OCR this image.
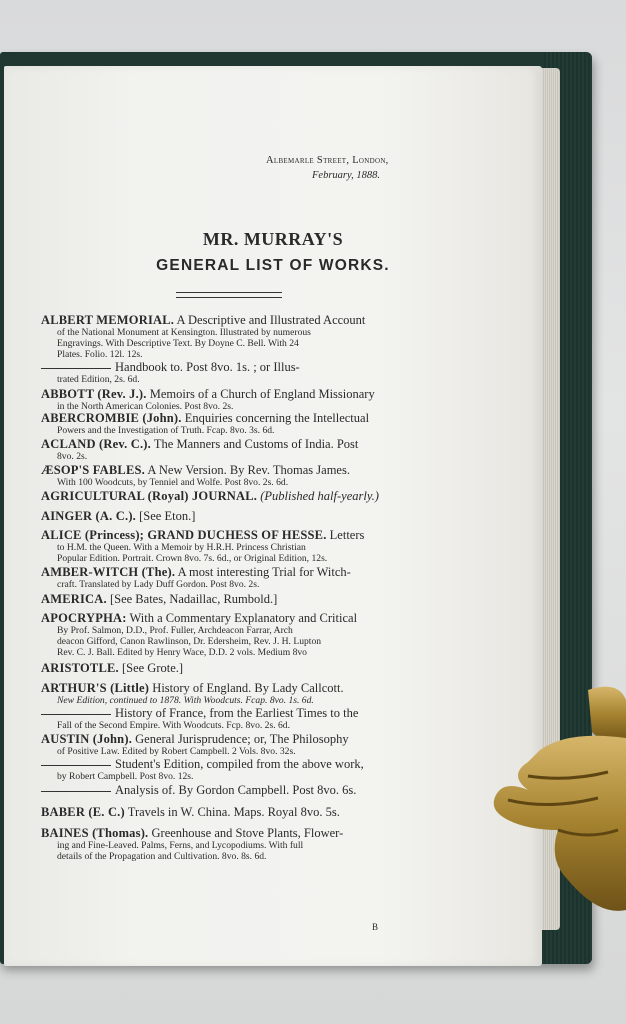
Albemarle Street, London,
February, 1888.
MR. MURRAY'S
GENERAL LIST OF WORKS.

ALBERT MEMORIAL. A Descriptive and Illustrated Account

of the National Monument at Kensington. Illustrated by numerous

Engravings. With Descriptive Text. By Doyne C. Bell. With 24

Plates. Folio. 12l. 12s.

Handbook to. Post 8vo. 1s. ; or Illus-

trated Edition, 2s. 6d.

ABBOTT (Rev. J.). Memoirs of a Church of England Missionary

in the North American Colonies. Post 8vo. 2s.

ABERCROMBIE (John). Enquiries concerning the Intellectual

Powers and the Investigation of Truth. Fcap. 8vo. 3s. 6d.

ACLAND (Rev. C.). The Manners and Customs of India. Post

8vo. 2s.

ÆSOP'S FABLES. A New Version. By Rev. Thomas James.

With 100 Woodcuts, by Tenniel and Wolfe. Post 8vo. 2s. 6d.

AGRICULTURAL (Royal) JOURNAL. (Published half-yearly.)

AINGER (A. C.). [See Eton.]

ALICE (Princess); GRAND DUCHESS OF HESSE. Letters

to H.M. the Queen. With a Memoir by H.R.H. Princess Christian

Popular Edition. Portrait. Crown 8vo. 7s. 6d., or Original Edition, 12s.

AMBER-WITCH (The). A most interesting Trial for Witch-

craft. Translated by Lady Duff Gordon. Post 8vo. 2s.

AMERICA. [See Bates, Nadaillac, Rumbold.]

APOCRYPHA: With a Commentary Explanatory and Critical

By Prof. Salmon, D.D., Prof. Fuller, Archdeacon Farrar, Arch

deacon Gifford, Canon Rawlinson, Dr. Edersheim, Rev. J. H. Lupton

Rev. C. J. Ball. Edited by Henry Wace, D.D. 2 vols. Medium 8vo

ARISTOTLE. [See Grote.]

ARTHUR'S (Little) History of England. By Lady Callcott.

New Edition, continued to 1878. With Woodcuts. Fcap. 8vo. 1s. 6d.

History of France, from the Earliest Times to the

Fall of the Second Empire. With Woodcuts. Fcp. 8vo. 2s. 6d.

AUSTIN (John). General Jurisprudence; or, The Philosophy

of Positive Law. Edited by Robert Campbell. 2 Vols. 8vo. 32s.

Student's Edition, compiled from the above work,

by Robert Campbell. Post 8vo. 12s.

Analysis of. By Gordon Campbell. Post 8vo. 6s.

BABER (E. C.) Travels in W. China. Maps. Royal 8vo. 5s.

BAINES (Thomas). Greenhouse and Stove Plants, Flower-

ing and Fine-Leaved. Palms, Ferns, and Lycopodiums. With full

details of the Propagation and Cultivation. 8vo. 8s. 6d.

B
